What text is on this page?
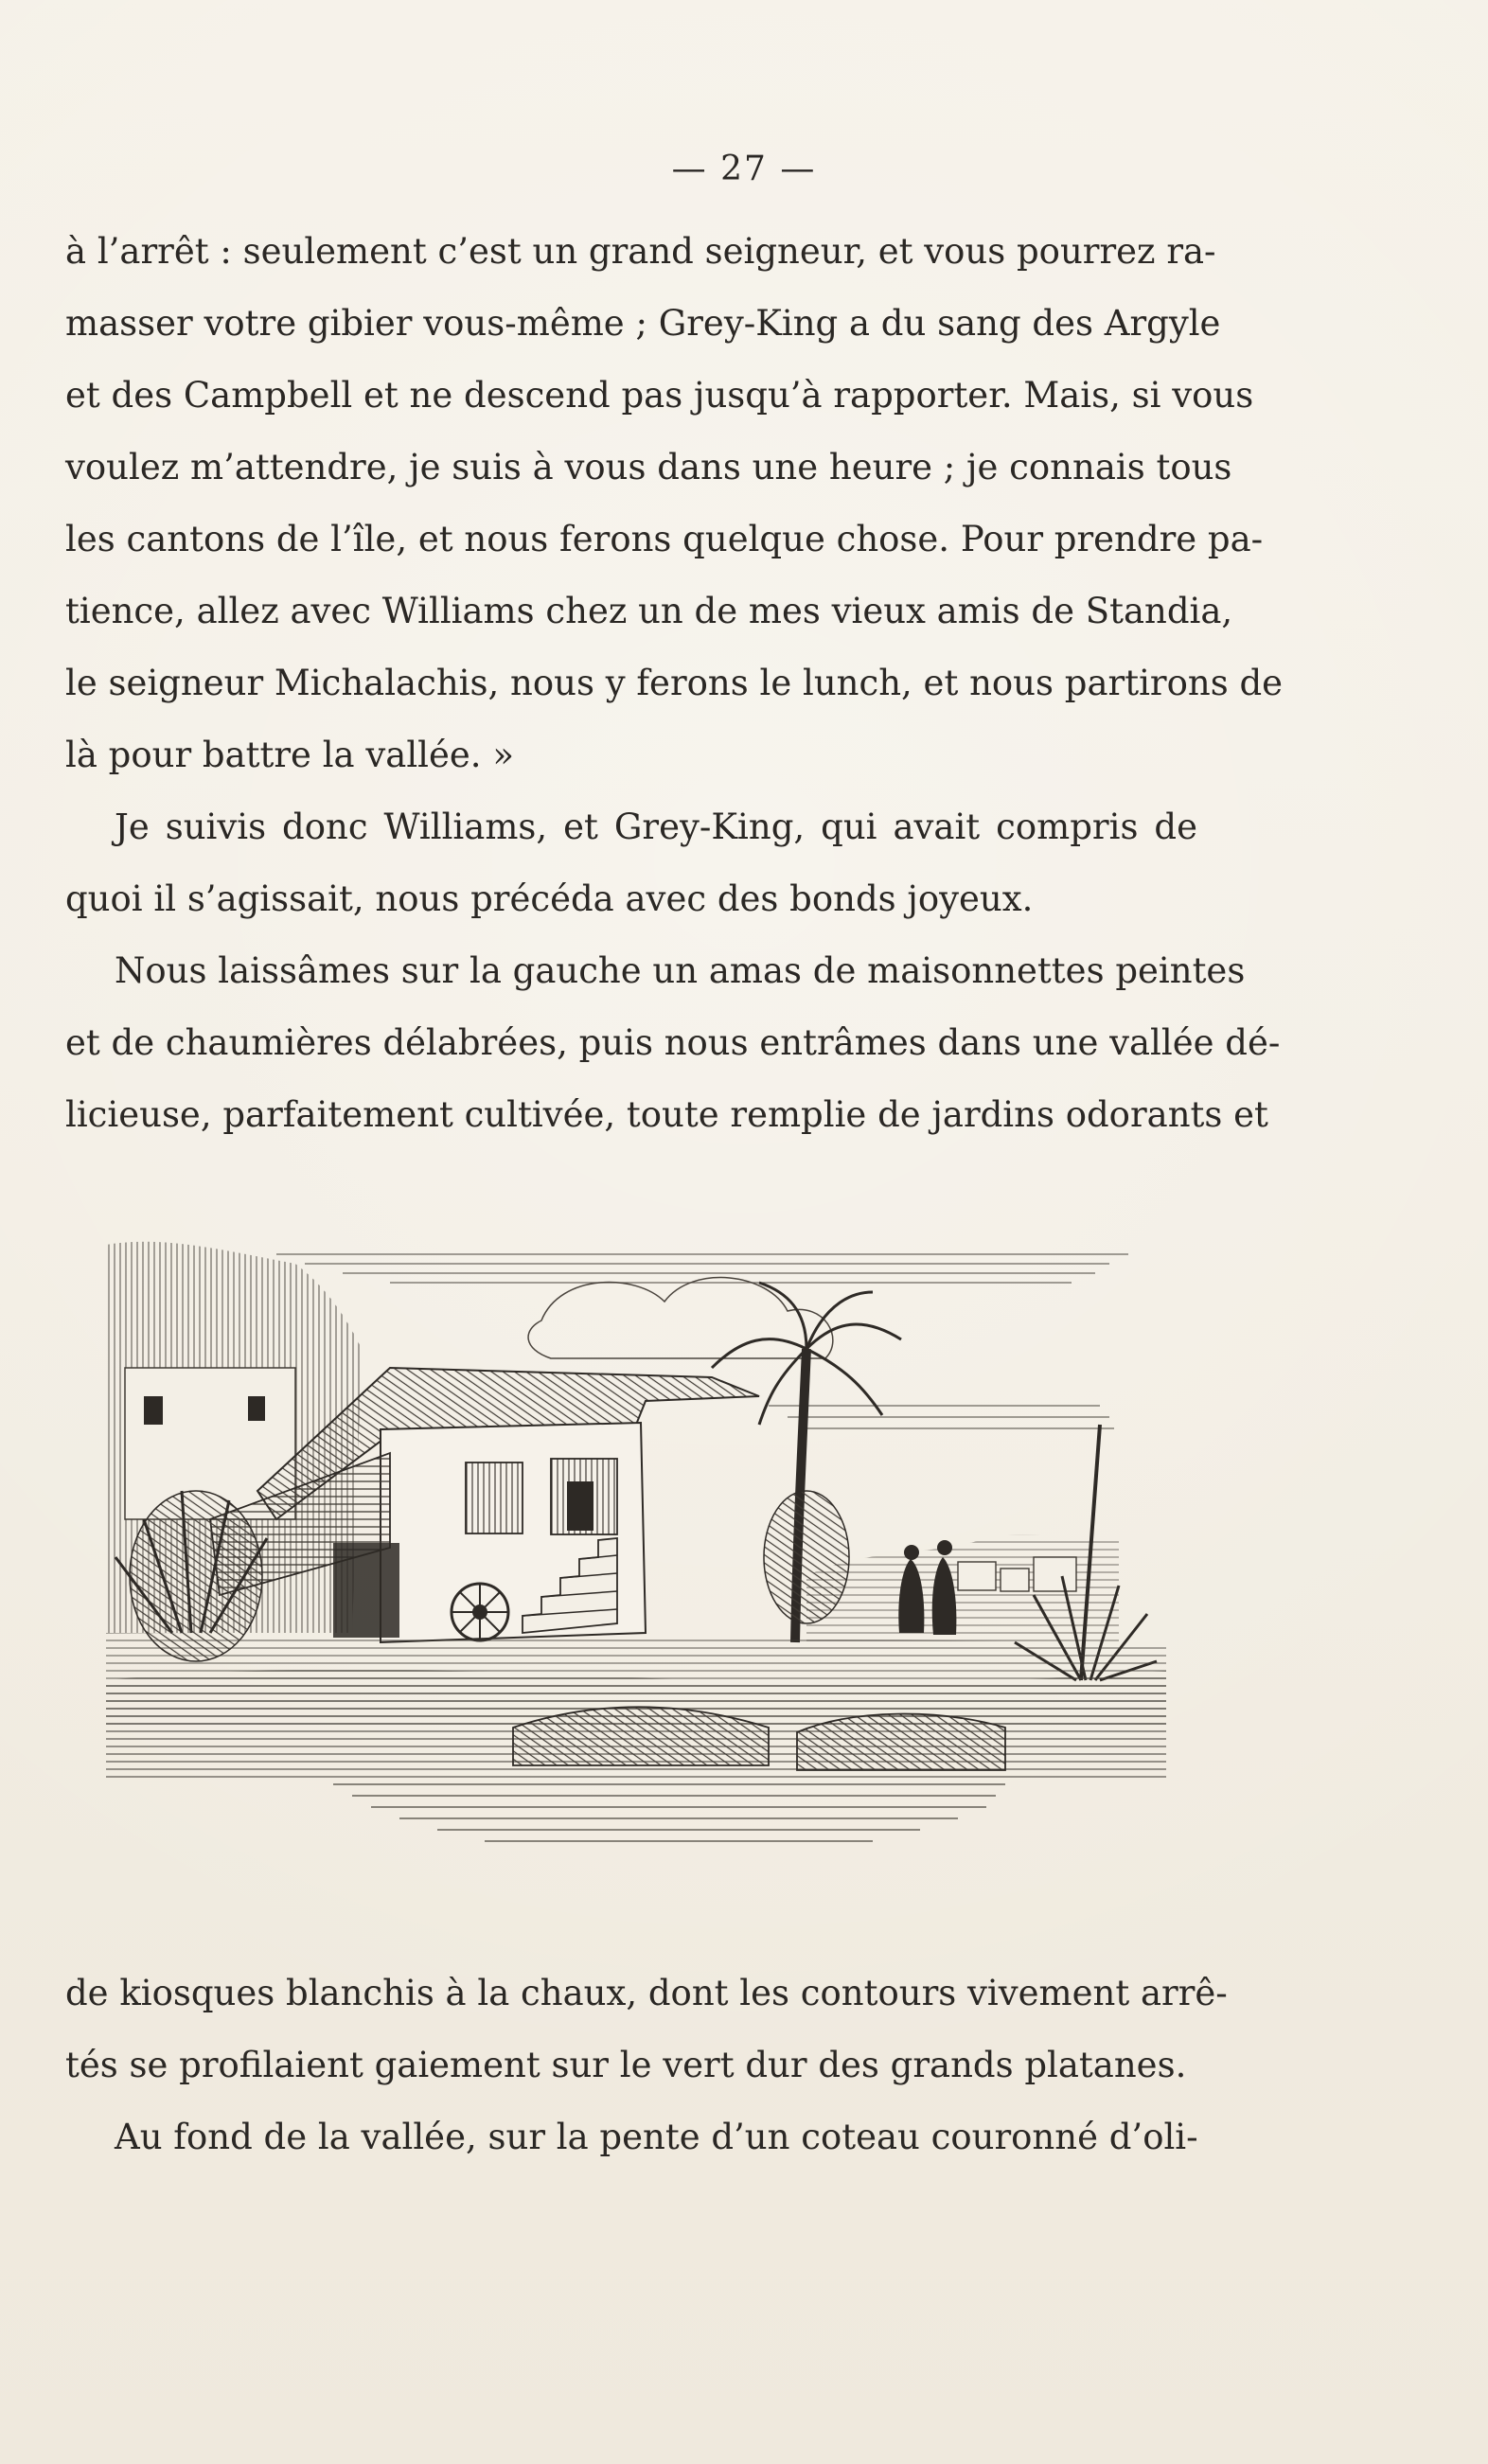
— 27 —
à l’arrêt : seulement c’est un grand seigneur, et vous pourrez ra-
masser votre gibier vous-même ; Grey-King a du sang des Argyle
et des Campbell et ne descend pas jusqu’à rapporter. Mais, si vous
voulez m’attendre, je suis à vous dans une heure ; je connais tous
les cantons de l’île, et nous ferons quelque chose. Pour prendre pa-
tience, allez avec Williams chez un de mes vieux amis de Standia,
le seigneur Michalachis, nous y ferons le lunch, et nous partirons de
là pour battre la vallée. »
Je suivis donc Williams, et Grey-King, qui avait compris de
quoi il s’agissait, nous précéda avec des bonds joyeux.
Nous laissâmes sur la gauche un amas de maisonnettes peintes
et de chaumières délabrées, puis nous entrâmes dans une vallée dé-
licieuse, parfaitement cultivée, toute remplie de jardins odorants et
de kiosques blanchis à la chaux, dont les contours vivement arrê-
tés se profilaient gaiement sur le vert dur des grands platanes.
Au fond de la vallée, sur la pente d’un coteau couronné d’oli-
